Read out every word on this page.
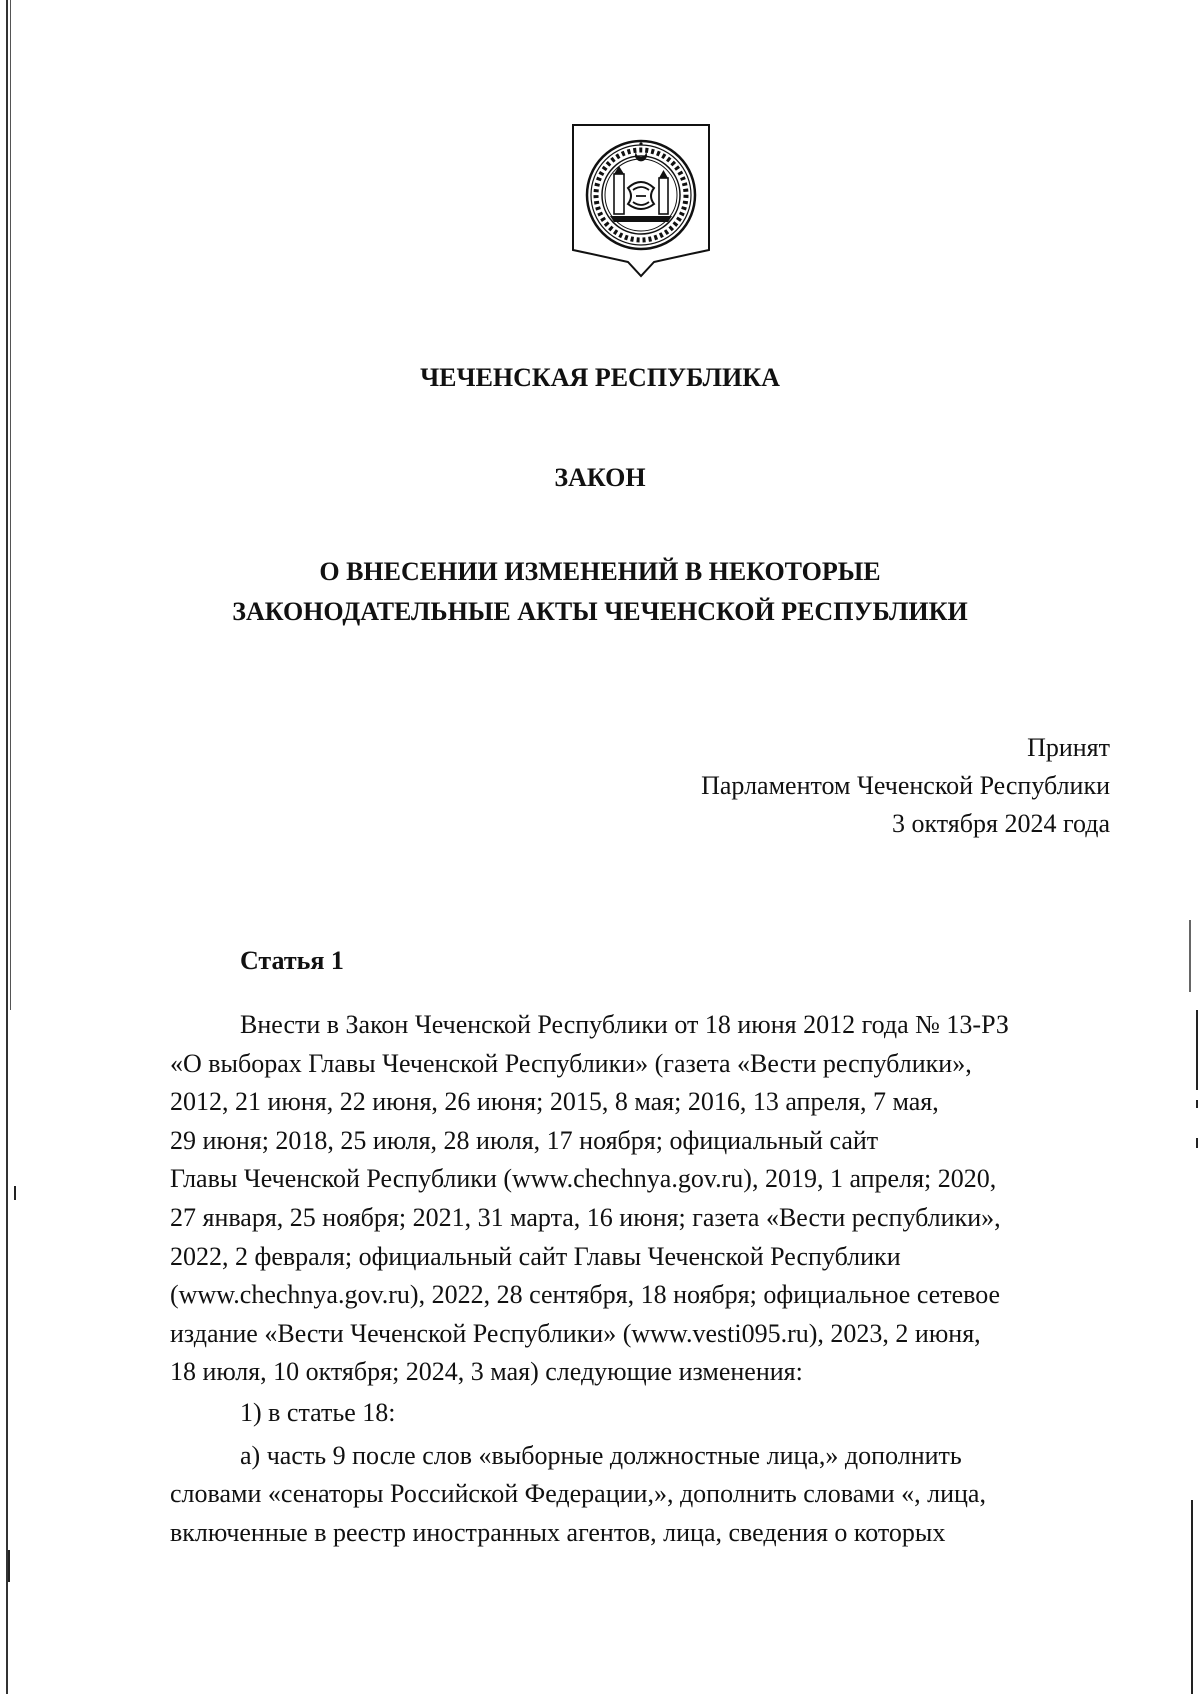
ЧЕЧЕНСКАЯ РЕСПУБЛИКА
ЗАКОН
О ВНЕСЕНИИ ИЗМЕНЕНИЙ В НЕКОТОРЫЕ
ЗАКОНОДАТЕЛЬНЫЕ АКТЫ ЧЕЧЕНСКОЙ РЕСПУБЛИКИ
Принят
Парламентом Чеченской Республики
3 октября 2024 года
Статья 1

Внести в Закон Чеченской Республики от 18 июня 2012 года № 13-РЗ
«О выборах Главы Чеченской Республики» (газета «Вести республики»,
2012, 21 июня, 22 июня, 26 июня; 2015, 8 мая; 2016, 13 апреля, 7 мая,
29 июня; 2018, 25 июля, 28 июля, 17 ноября; официальный сайт
Главы Чеченской Республики (www.chechnya.gov.ru), 2019, 1 апреля; 2020,
27 января, 25 ноября; 2021, 31 марта, 16 июня; газета «Вести республики»,
2022, 2 февраля; официальный сайт Главы Чеченской Республики
(www.chechnya.gov.ru), 2022, 28 сентября, 18 ноября; официальное сетевое
издание «Вести Чеченской Республики» (www.vesti095.ru), 2023, 2 июня,
18 июля, 10 октября; 2024, 3 мая) следующие изменения:

1) в статье 18:

а) часть 9 после слов «выборные должностные лица,» дополнить
словами «сенаторы Российской Федерации,», дополнить словами «, лица,
включенные в реестр иностранных агентов, лица, сведения о которых
